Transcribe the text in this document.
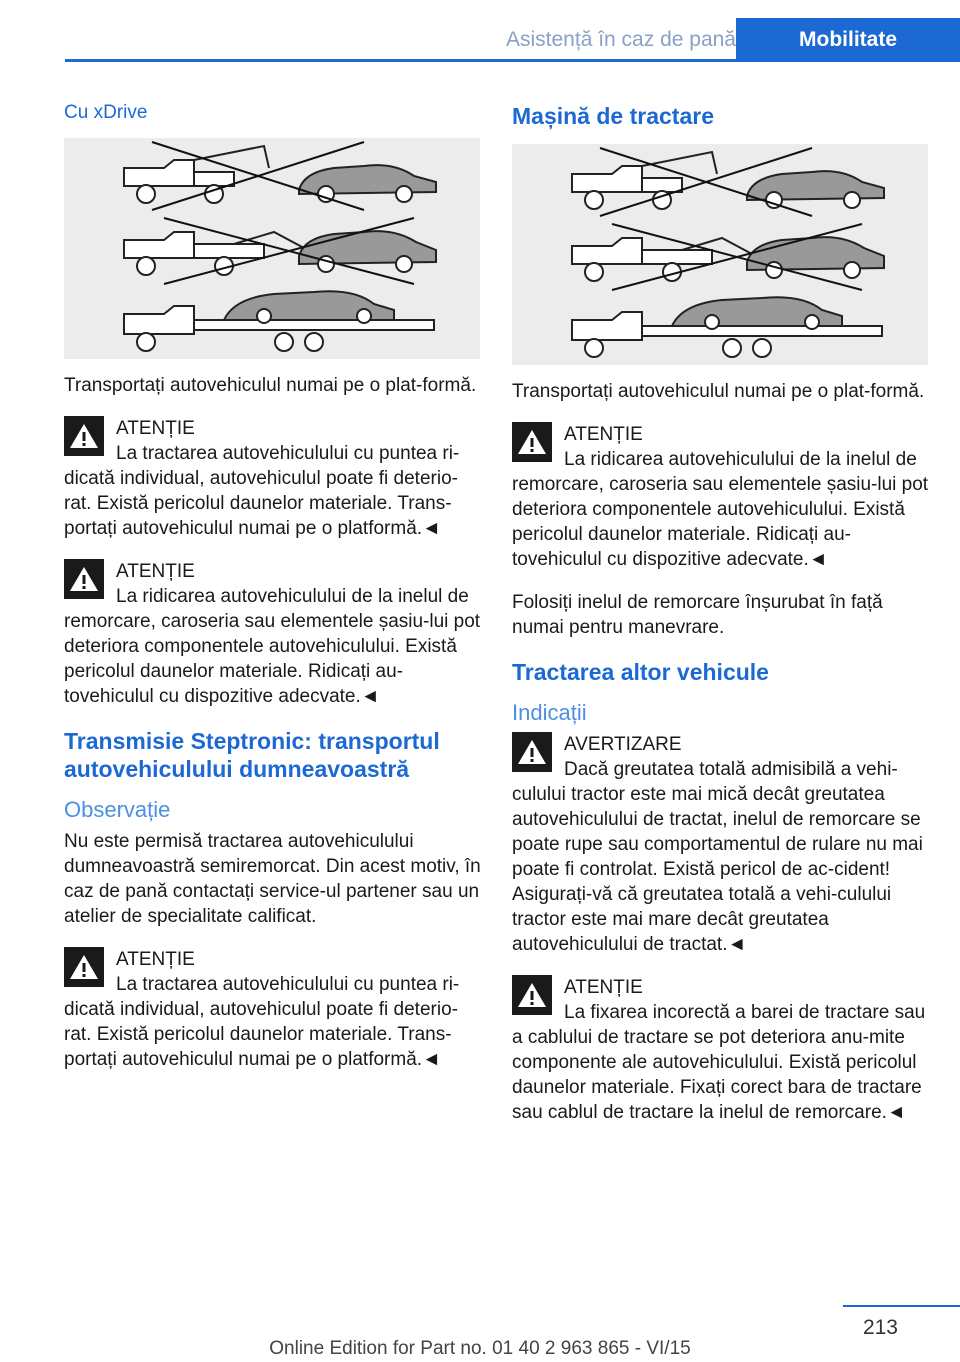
Asistență în caz de pană	Mobilitate
Cu xDrive

Transportați autovehiculul numai pe o plat-formă.

ATENȚIE
La tractarea autovehiculului cu puntea ri-dicată individual, autovehiculul poate fi deterio-rat. Există pericolul daunelor materiale. Trans-portați autovehiculul numai pe o platformă.◄
ATENȚIE
La ridicarea autovehiculului de la inelul de remorcare, caroseria sau elementele șasiu-lui pot deteriora componentele autovehiculului. Există pericolul daunelor materiale. Ridicați au-tovehiculul cu dispozitive adecvate.◄
Transmisie Steptronic: transportul autovehiculului dumneavoastră
Observație

Nu este permisă tractarea autovehiculului dumneavoastră semiremorcat. Din acest motiv, în caz de pană contactați service-ul partener sau un atelier de specialitate calificat.

ATENȚIE
La tractarea autovehiculului cu puntea ri-dicată individual, autovehiculul poate fi deterio-rat. Există pericolul daunelor materiale. Trans-portați autovehiculul numai pe o platformă.◄
Mașină de tractare

Transportați autovehiculul numai pe o plat-formă.

ATENȚIE
La ridicarea autovehiculului de la inelul de remorcare, caroseria sau elementele șasiu-lui pot deteriora componentele autovehiculului. Există pericolul daunelor materiale. Ridicați au-tovehiculul cu dispozitive adecvate.◄

Folosiți inelul de remorcare înșurubat în față numai pentru manevrare.

Tractarea altor vehicule
Indicații
AVERTIZARE
Dacă greutatea totală admisibilă a vehi-culului tractor este mai mică decât greutatea autovehiculului de tractat, inelul de remorcare se poate rupe sau comportamentul de rulare nu mai poate fi controlat. Există pericol de ac-cident! Asigurați-vă că greutatea totală a vehi-culului tractor este mai mare decât greutatea autovehiculului de tractat.◄
ATENȚIE
La fixarea incorectă a barei de tractare sau a cablului de tractare se pot deteriora anu-mite componente ale autovehiculului. Există pericolul daunelor materiale. Fixați corect bara de tractare sau cablul de tractare la inelul de remorcare.◄
213
Online Edition for Part no. 01 40 2 963 865 - VI/15
